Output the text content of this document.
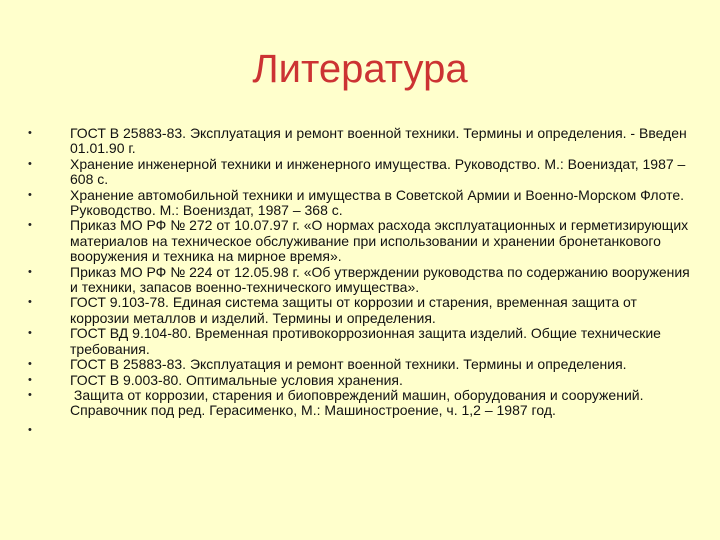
Литература
•	ГОСТ В 25883-83. Эксплуатация и ремонт военной техники. Термины и определения. - Введен 01.01.90 г.
•	Хранение инженерной техники и инженерного имущества. Руководство. М.: Воениздат, 1987 – 608 с.
•	Хранение автомобильной техники и имущества в Советской Армии и Военно-Морском Флоте. Руководство. М.: Воениздат, 1987 – 368 с.
•	Приказ МО РФ № 272 от 10.07.97 г. «О нормах расхода эксплуатационных и герметизирующих материалов на техническое обслуживание при использовании и хранении бронетанкового вооружения и техника на мирное время».
•	Приказ МО РФ № 224 от 12.05.98 г. «Об утверждении руководства по содержанию вооружения и техники, запасов военно-технического имущества».
•	ГОСТ 9.103-78. Единая система защиты от коррозии и старения, временная защита от коррозии металлов и изделий. Термины и определения.
•	ГОСТ ВД 9.104-80. Временная противокоррозионная защита изделий. Общие технические требования.
•	ГОСТ В 25883-83. Эксплуатация и ремонт военной техники. Термины и определения.
•	ГОСТ В 9.003-80. Оптимальные условия хранения.
•	Защита от коррозии, старения и биоповреждений машин, оборудования и сооружений. Справочник под ред. Герасименко, М.: Машиностроение, ч. 1,2 – 1987 год.
•
